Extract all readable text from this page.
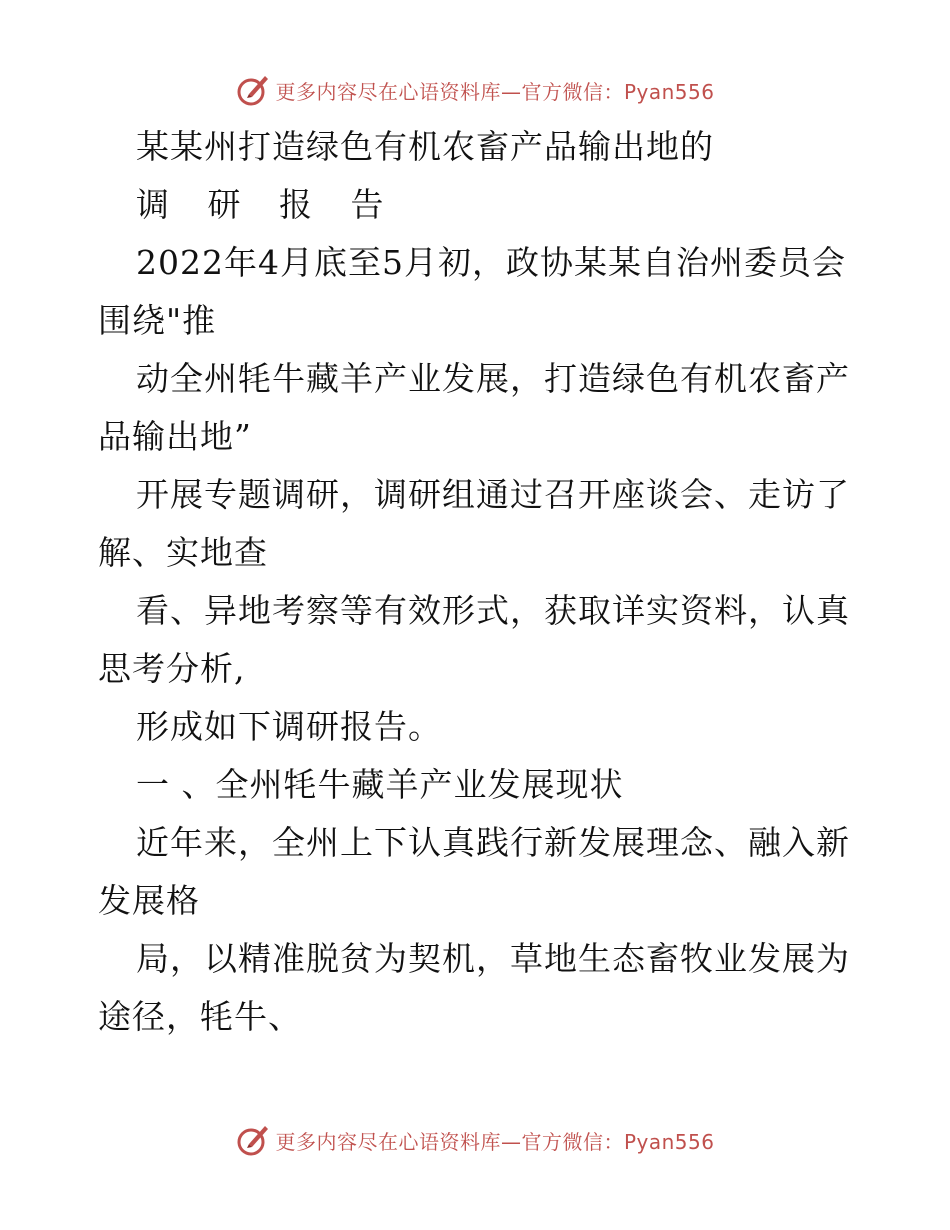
更多内容尽在心语资料库—官方微信：Pyan556
某某州打造绿色有机农畜产品输出地的
调 研 报 告
2022年4月底至5月初，政协某某自治州委员会
围绕"推
动全州牦牛藏羊产业发展，打造绿色有机农畜产
品输出地”
开展专题调研，调研组通过召开座谈会、走访了
解、实地查
看、异地考察等有效形式，获取详实资料，认真
思考分析,
形成如下调研报告。
一 、全州牦牛藏羊产业发展现状
近年来，全州上下认真践行新发展理念、融入新
发展格
局，以精准脱贫为契机，草地生态畜牧业发展为
途径，牦牛、
更多内容尽在心语资料库—官方微信：Pyan556
